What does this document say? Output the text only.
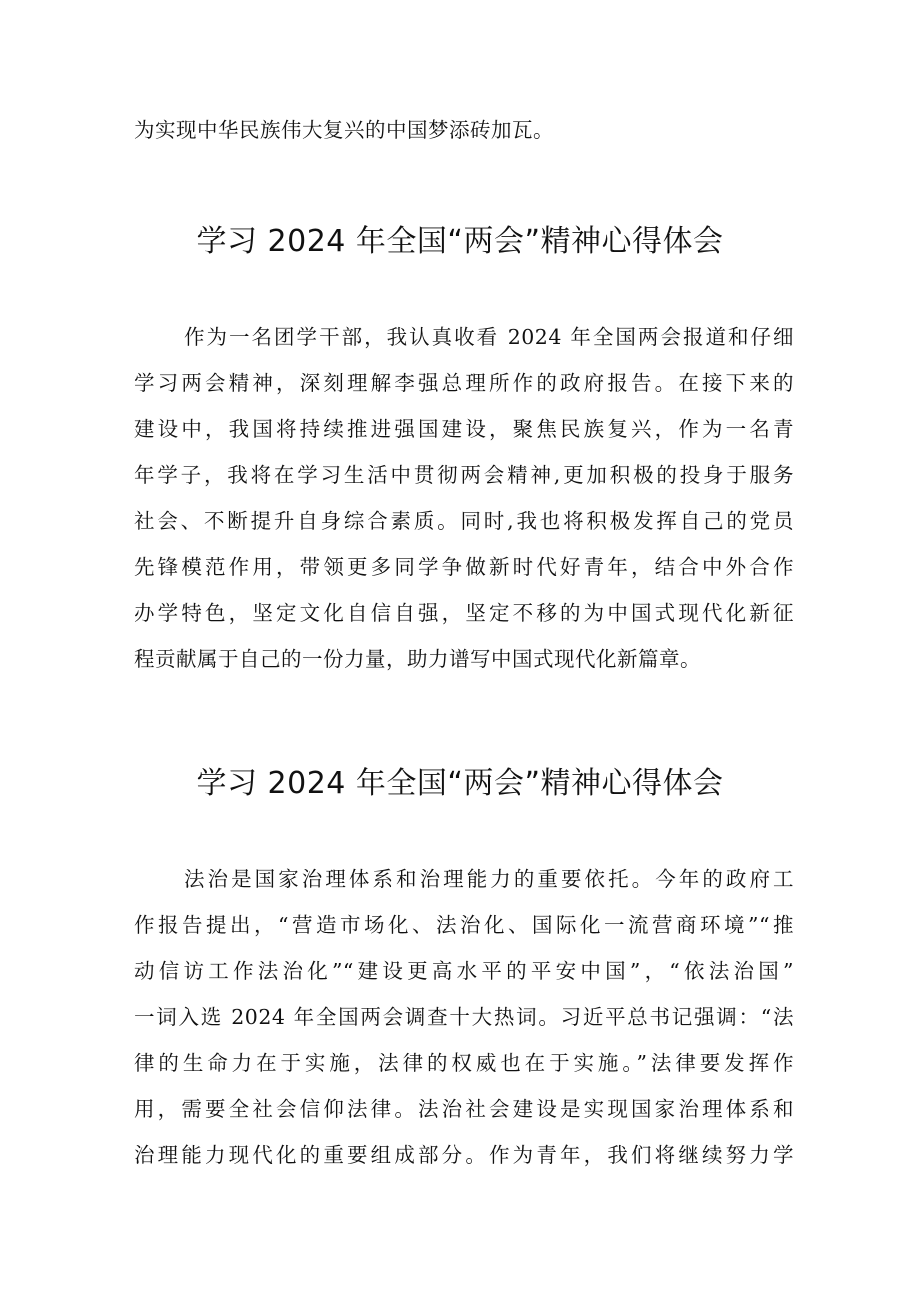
为实现中华民族伟大复兴的中国梦添砖加瓦。
学习 2024 年全国“两会”精神心得体会
作为一名团学干部，我认真收看 2024 年全国两会报道和仔细
学习两会精神，深刻理解李强总理所作的政府报告。在接下来的
建设中，我国将持续推进强国建设，聚焦民族复兴，作为一名青
年学子，我将在学习生活中贯彻两会精神,更加积极的投身于服务
社会、不断提升自身综合素质。同时,我也将积极发挥自己的党员
先锋模范作用，带领更多同学争做新时代好青年，结合中外合作
办学特色，坚定文化自信自强，坚定不移的为中国式现代化新征
程贡献属于自己的一份力量，助力谱写中国式现代化新篇章。
学习 2024 年全国“两会”精神心得体会
法治是国家治理体系和治理能力的重要依托。今年的政府工
作报告提出，“营造市场化、法治化、国际化一流营商环境”“推
动信访工作法治化”“建设更高水平的平安中国”，“依法治国”
一词入选 2024 年全国两会调查十大热词。习近平总书记强调：“法
律的生命力在于实施，法律的权威也在于实施。”法律要发挥作
用，需要全社会信仰法律。法治社会建设是实现国家治理体系和
治理能力现代化的重要组成部分。作为青年，我们将继续努力学
